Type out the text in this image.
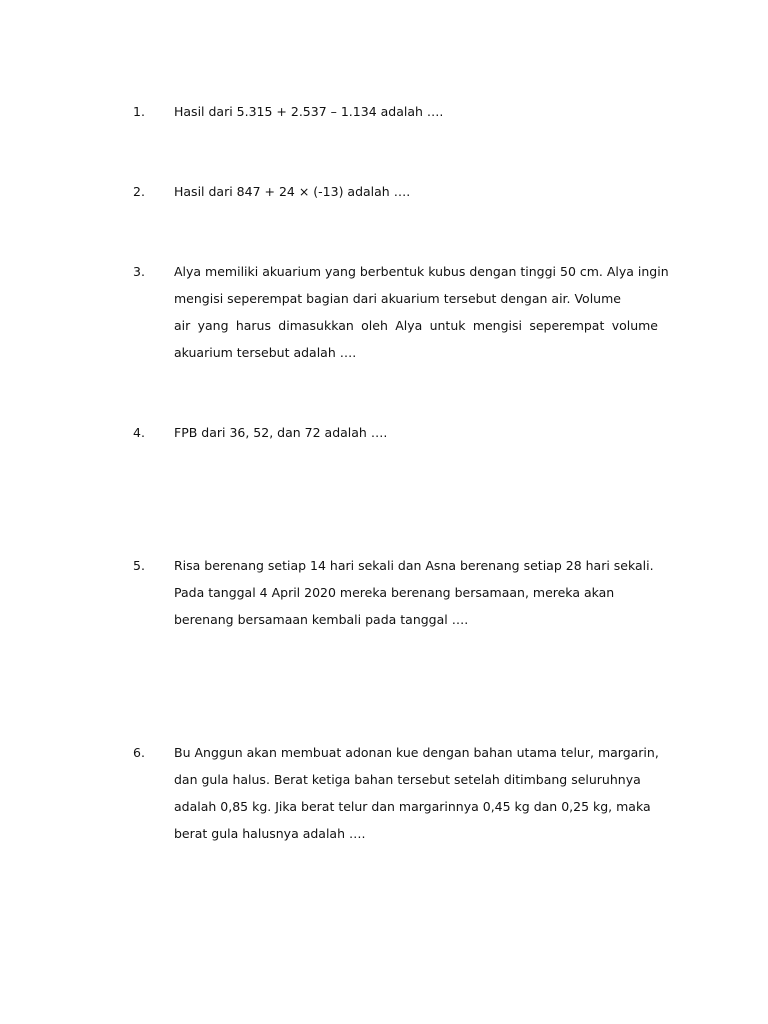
1. Hasil dari 5.315 + 2.537 – 1.134 adalah ….
2. Hasil dari 847 + 24 × (-13) adalah ….
3. Alya memiliki akuarium yang berbentuk kubus dengan tinggi 50 cm. Alya ingin
mengisi seperempat bagian dari akuarium tersebut dengan air. Volume
air yang harus dimasukkan oleh Alya untuk mengisi seperempat volume
akuarium tersebut adalah ….
4. FPB dari 36, 52, dan 72 adalah ….
5. Risa berenang setiap 14 hari sekali dan Asna berenang setiap 28 hari sekali.
Pada tanggal 4 April 2020 mereka berenang bersamaan, mereka akan
berenang bersamaan kembali pada tanggal ….
6. Bu Anggun akan membuat adonan kue dengan bahan utama telur, margarin,
dan gula halus. Berat ketiga bahan tersebut setelah ditimbang seluruhnya
adalah 0,85 kg. Jika berat telur dan margarinnya 0,45 kg dan 0,25 kg, maka
berat gula halusnya adalah ….
